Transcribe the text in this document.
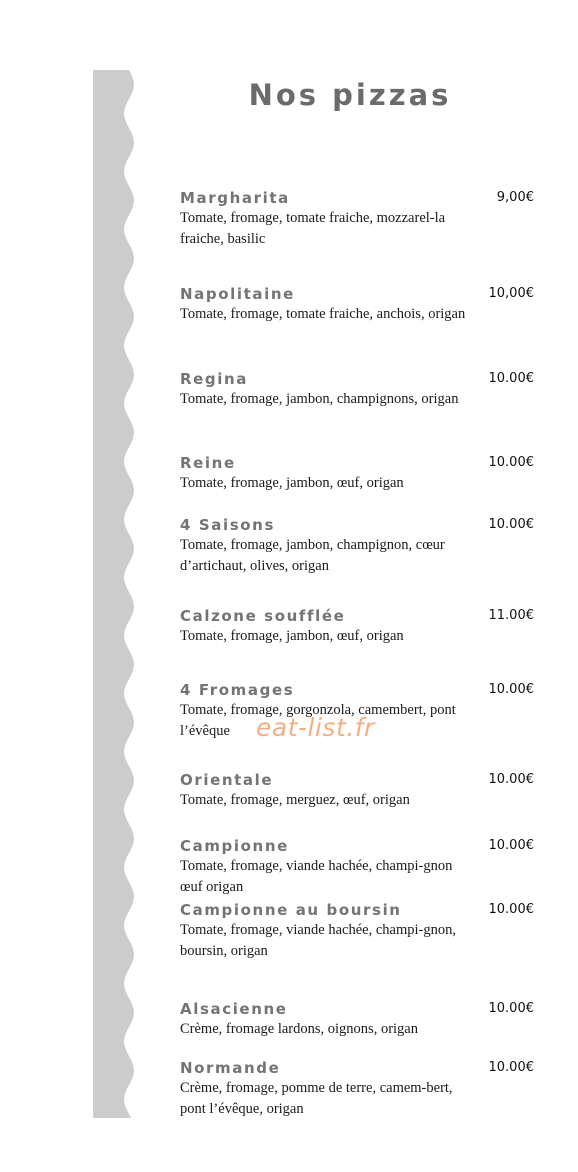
Nos pizzas
Margharita	9,00€
Tomate, fromage, tomate fraiche, mozzarel-la fraiche, basilic
Napolitaine	10,00€
Tomate, fromage, tomate fraiche, anchois, origan
Regina	10.00€
Tomate, fromage, jambon, champignons, origan
Reine	10.00€
Tomate, fromage, jambon, œuf, origan
4 Saisons	10.00€
Tomate, fromage, jambon, champignon, cœur d’artichaut, olives, origan
Calzone soufflée	11.00€
Tomate, fromage, jambon, œuf, origan
4 Fromages	10.00€
Tomate, fromage, gorgonzola, camembert, pont l’évêque
Orientale	10.00€
Tomate, fromage, merguez, œuf, origan
Campionne	10.00€
Tomate, fromage, viande hachée, champi-gnon œuf origan
Campionne au boursin	10.00€
Tomate, fromage, viande hachée, champi-gnon, boursin, origan
Alsacienne	10.00€
Crème, fromage lardons, oignons, origan
Normande	10.00€
Crème, fromage, pomme de terre, camem-bert, pont l’évêque, origan
eat-list.fr
